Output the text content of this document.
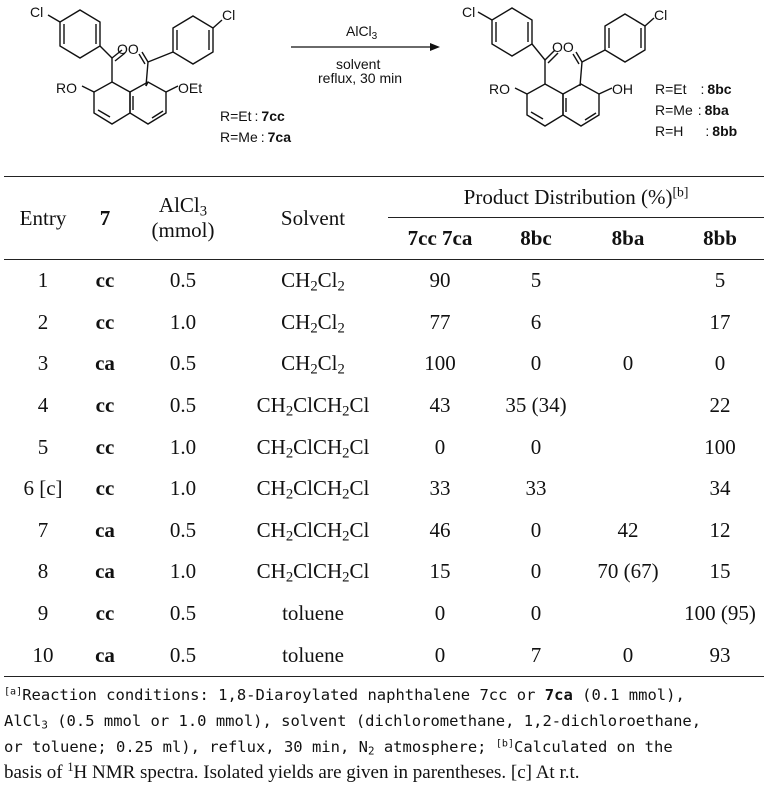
Cl	Cl
OO
RO	OEt
AlCl$_3$
solvent
reflux, 30 min
R=Et : 7cc
R=Me : 7ca
Cl	Cl
OO
RO	OH R=Et : 8bc
R=Me : 8ba
R=H : 8bb
Entry	7	AlCl$_3$
(mmol)	Solvent	Product Distribution (%)[b]
				7cc 7ca	8bc	8ba	8bb
1	cc	0.5	$CH_2Cl_2$	90	5		5
2	cc	1.0	$CH_2Cl_2$	77	6		17
3	ca	0.5	$CH_2Cl_2$	100	0	0	0
4	cc	0.5	$CH_2ClCH_2Cl$	43	35 (34)		22
5	cc	1.0	$CH_2ClCH_2Cl$	0	0		100
6 [c]	cc	1.0	$CH_2ClCH_2Cl$	33	33		34
7	ca	0.5	$CH_2ClCH_2Cl$	46	0	42	12
8	ca	1.0	$CH_2ClCH_2Cl$	15	0	70 (67)	15
9	cc	0.5	toluene	0	0		100 (95)
10	ca	0.5	toluene	0	7	0	93
[a]Reaction conditions: 1,8-Diaroylated naphthalene 7cc or 7ca (0.1 mmol),
AlCl$_3$ (0.5 mmol or 1.0 mmol), solvent (dichloromethane, 1,2-dichloroethane,
or toluene; 0.25 ml), reflux, 30 min, $N_2$ atmosphere; [b]Calculated on the
basis of $^1$H NMR spectra. Isolated yields are given in parentheses. [c] At r.t.
